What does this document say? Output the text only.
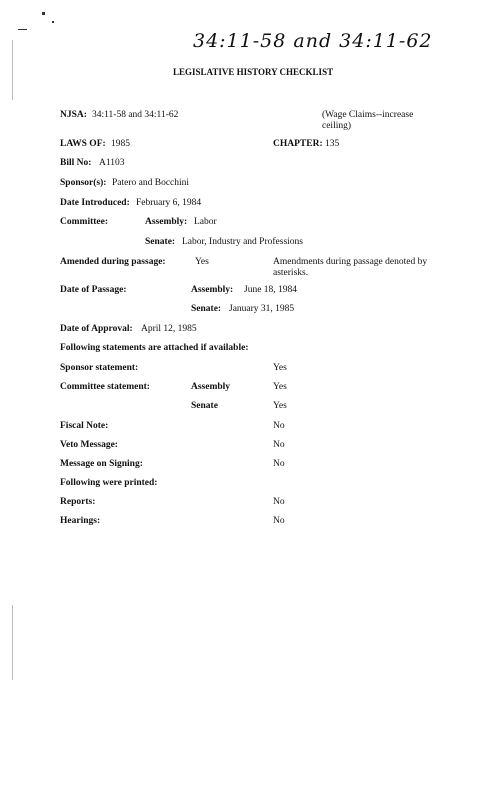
34:11-58 and 34:11-62
LEGISLATIVE HISTORY CHECKLIST
NJSA: 34:11-58 and 34:11-62	(Wage Claims--increase ceiling)
LAWS OF: 1985	CHAPTER: 135
Bill No: A1103
Sponsor(s): Patero and Bocchini
Date Introduced: February 6, 1984
Committee:	Assembly: Labor
Senate: Labor, Industry and Professions
Amended during passage:	Yes	Amendments during passage denoted by asterisks.
Date of Passage:	Assembly: June 18, 1984
Senate: January 31, 1985
Date of Approval: April 12, 1985
Following statements are attached if available:
Sponsor statement:	Yes
Committee statement:	Assembly	Yes
Senate	Yes
Fiscal Note:	No
Veto Message:	No
Message on Signing:	No
Following were printed:
Reports:	No
Hearings:	No
